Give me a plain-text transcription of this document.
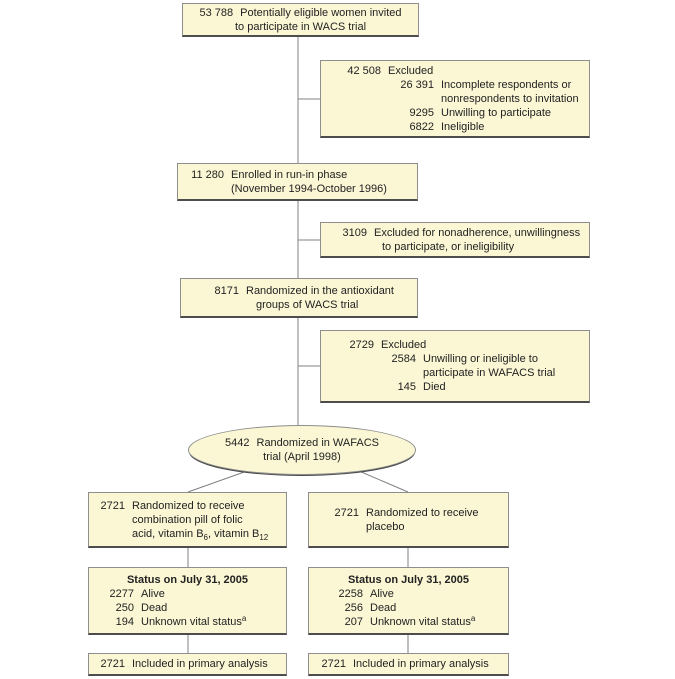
53 788 Potentially eligible women invited
to participate in WACS trial
42 508 Excluded
26 391 Incomplete respondents or
nonrespondents to invitation
9295 Unwilling to participate
6822 Ineligible
11 280 Enrolled in run-in phase
(November 1994-October 1996)
3109 Excluded for nonadherence, unwillingness
to participate, or ineligibility
8171 Randomized in the antioxidant
groups of WACS trial
2729 Excluded
2584 Unwilling or ineligible to
participate in WAFACS trial
145 Died
5442 Randomized in WAFACS
trial (April 1998)
2721 Randomized to receive
combination pill of folic
acid, vitamin $B_6$, vitamin $B_{12}$
2721 Randomized to receive
placebo
Status on July 31, 2005
2277 Alive
250 Dead
194 Unknown vital status$^a$
Status on July 31, 2005
2258 Alive
256 Dead
207 Unknown vital status$^a$
2721 Included in primary analysis	2721 Included in primary analysis
